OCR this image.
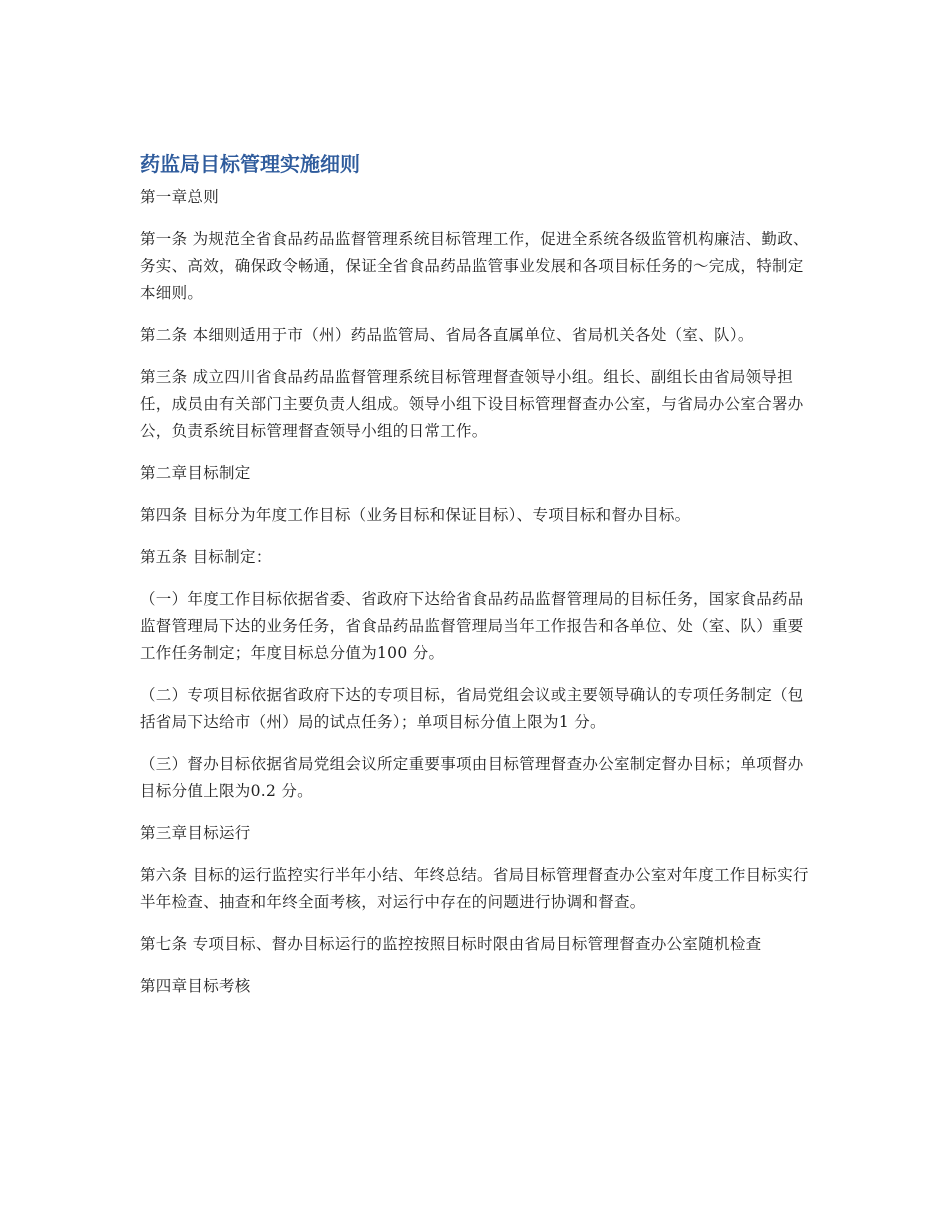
药监局目标管理实施细则

第一章总则

第一条 为规范全省食品药品监督管理系统目标管理工作，促进全系统各级监管机构廉洁、勤政、务实、高效，确保政令畅通，保证全省食品药品监管事业发展和各项目标任务的～完成，特制定本细则。

第二条 本细则适用于市（州）药品监管局、省局各直属单位、省局机关各处（室、队）。

第三条 成立四川省食品药品监督管理系统目标管理督查领导小组。组长、副组长由省局领导担任，成员由有关部门主要负责人组成。领导小组下设目标管理督查办公室，与省局办公室合署办公，负责系统目标管理督查领导小组的日常工作。

第二章目标制定

第四条 目标分为年度工作目标（业务目标和保证目标）、专项目标和督办目标。

第五条 目标制定：

（一）年度工作目标依据省委、省政府下达给省食品药品监督管理局的目标任务，国家食品药品监督管理局下达的业务任务，省食品药品监督管理局当年工作报告和各单位、处（室、队）重要工作任务制定；年度目标总分值为100 分。

（二）专项目标依据省政府下达的专项目标，省局党组会议或主要领导确认的专项任务制定（包括省局下达给市（州）局的试点任务）；单项目标分值上限为1 分。

（三）督办目标依据省局党组会议所定重要事项由目标管理督查办公室制定督办目标；单项督办目标分值上限为0.2 分。

第三章目标运行

第六条 目标的运行监控实行半年小结、年终总结。省局目标管理督查办公室对年度工作目标实行半年检查、抽查和年终全面考核，对运行中存在的问题进行协调和督查。

第七条 专项目标、督办目标运行的监控按照目标时限由省局目标管理督查办公室随机检查

第四章目标考核
